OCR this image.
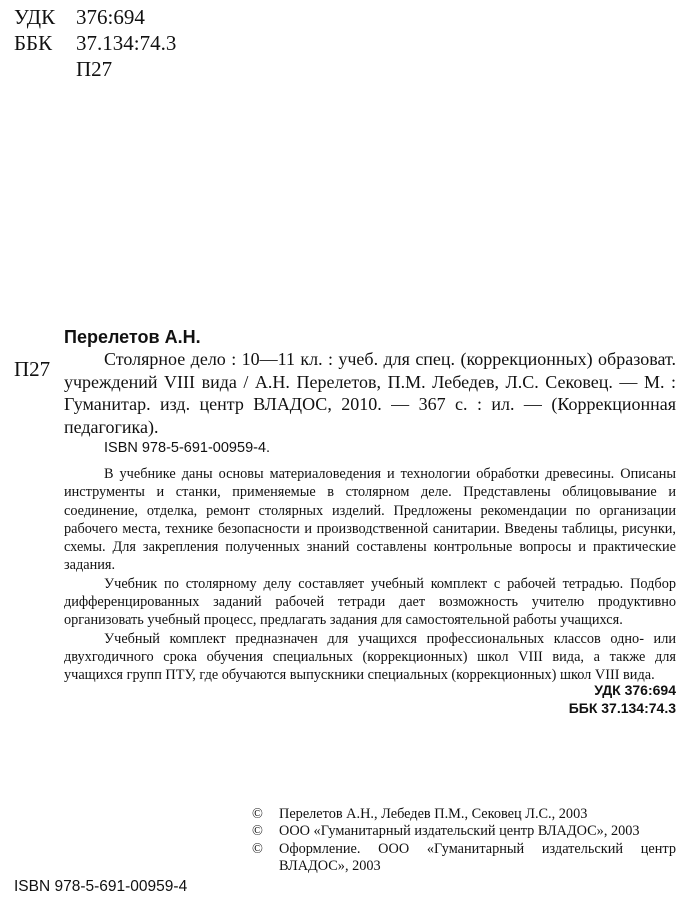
УДК 376:694
ББК	37.134:74.3
П27
П27
Перелетов А.Н.
Столярное дело : 10—11 кл. : учеб. для спец. (коррекционных) образоват. учреждений VIII вида / А.Н. Перелетов, П.М. Лебедев, Л.С. Сековец. — М. : Гуманитар. изд. центр ВЛАДОС, 2010. — 367 с. : ил. — (Коррекционная педагогика).
ISBN 978-5-691-00959-4.

В учебнике даны основы материаловедения и технологии обработки древесины. Описаны инструменты и станки, применяемые в столярном деле. Представлены облицовывание и соединение, отделка, ремонт столярных изделий. Предложены рекомендации по организации рабочего места, технике безопасности и производственной санитарии. Введены таблицы, рисунки, схемы. Для закрепления полученных знаний составлены контрольные вопросы и практические задания.

Учебник по столярному делу составляет учебный комплект с рабочей тетрадью. Подбор дифференцированных заданий рабочей тетради дает возможность учителю продуктивно организовать учебный процесс, предлагать задания для самостоятельной работы учащихся.

Учебный комплект предназначен для учащихся профессиональных классов одно- или двухгодичного срока обучения специальных (коррекционных) школ VIII вида, а также для учащихся групп ПТУ, где обучаются выпускники специальных (коррекционных) школ VIII вида.

УДК 376:694
ББК 37.134:74.3
©	Перелетов А.Н., Лебедев П.М., Сековец Л.С., 2003
©	ООО «Гуманитарный издательский центр ВЛАДОС», 2003
©	Оформление. ООО «Гуманитарный издательский центр ВЛАДОС», 2003
ISBN 978-5-691-00959-4
